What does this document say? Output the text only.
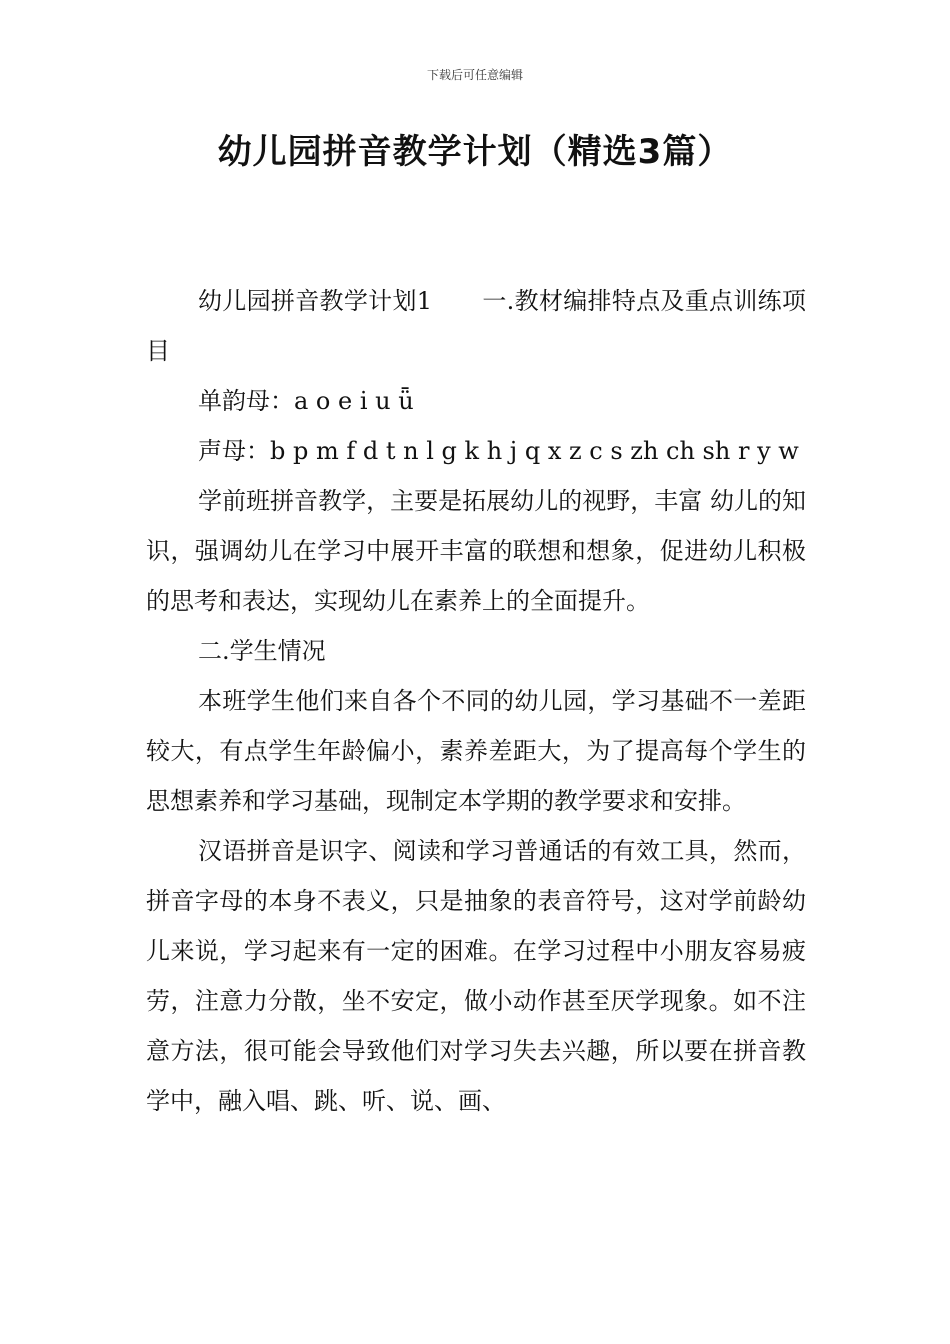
下载后可任意编辑
幼儿园拼音教学计划（精选3篇）

幼儿园拼音教学计划1 一.教材编排特点及重点训练项目

单韵母：a o e i u ǖ

声母：b p m f d t n l g k h j q x z c s zh ch sh r y w

学前班拼音教学，主要是拓展幼儿的视野，丰富 幼儿的知识，强调幼儿在学习中展开丰富的联想和想象，促进幼儿积极的思考和表达，实现幼儿在素养上的全面提升。

二.学生情况

本班学生他们来自各个不同的幼儿园，学习基础不一差距较大，有点学生年龄偏小，素养差距大，为了提高每个学生的思想素养和学习基础，现制定本学期的教学要求和安排。

汉语拼音是识字、阅读和学习普通话的有效工具，然而，拼音字母的本身不表义，只是抽象的表音符号，这对学前龄幼儿来说，学习起来有一定的困难。在学习过程中小朋友容易疲劳，注意力分散，坐不安定，做小动作甚至厌学现象。如不注意方法，很可能会导致他们对学习失去兴趣，所以要在拼音教学中，融入唱、跳、听、说、画、
